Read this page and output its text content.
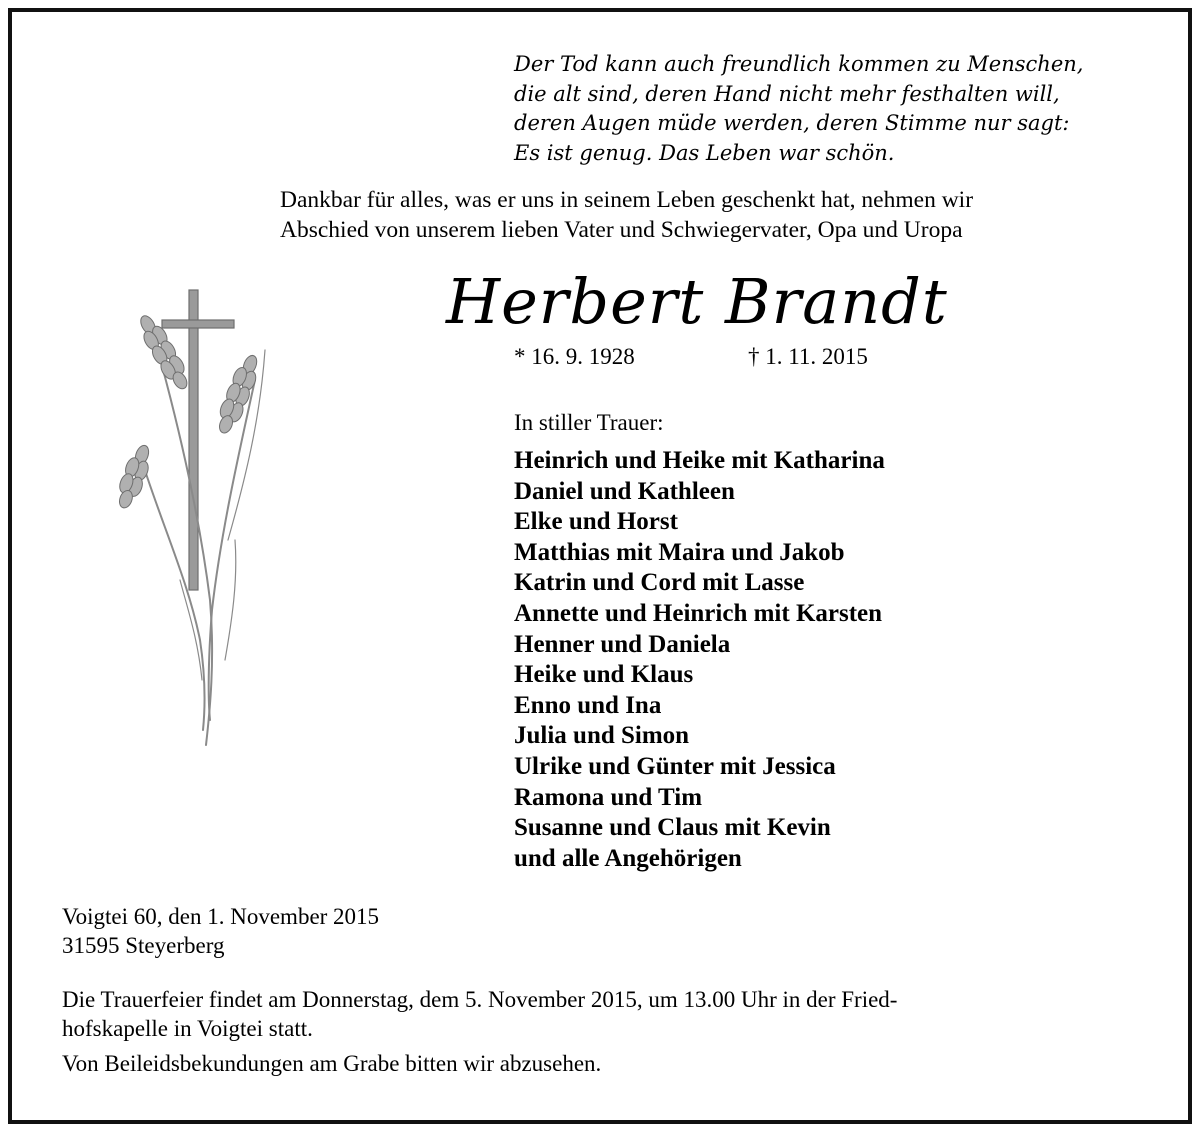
Der Tod kann auch freundlich kommen zu Menschen,
die alt sind, deren Hand nicht mehr festhalten will,
deren Augen müde werden, deren Stimme nur sagt:
Es ist genug. Das Leben war schön.
Dankbar für alles, was er uns in seinem Leben geschenkt hat, nehmen wir
Abschied von unserem lieben Vater und Schwiegervater, Opa und Uropa
Herbert Brandt
* 16. 9. 1928	† 1. 11. 2015
In stiller Trauer:
Heinrich und Heike mit Katharina
Daniel und Kathleen
Elke und Horst
Matthias mit Maira und Jakob
Katrin und Cord mit Lasse
Annette und Heinrich mit Karsten
Henner und Daniela
Heike und Klaus
Enno und Ina
Julia und Simon
Ulrike und Günter mit Jessica
Ramona und Tim
Susanne und Claus mit Kevin
und alle Angehörigen
Voigtei 60, den 1. November 2015
31595 Steyerberg
Die Trauerfeier findet am Donnerstag, dem 5. November 2015, um 13.00 Uhr in der Fried-
hofskapelle in Voigtei statt.
Von Beileidsbekundungen am Grabe bitten wir abzusehen.
